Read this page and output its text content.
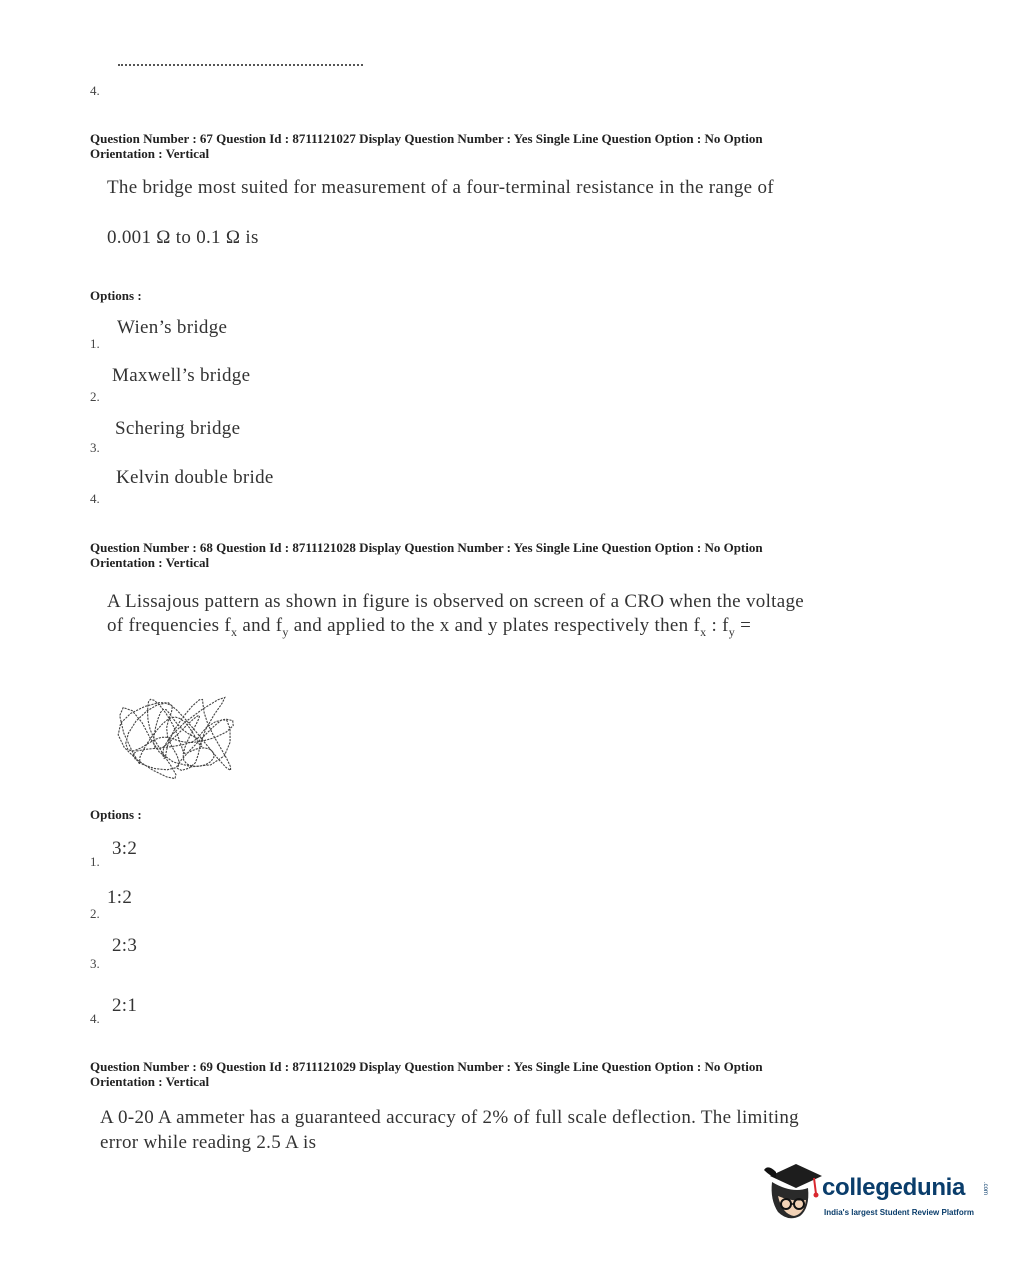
4.
Question Number : 67 Question Id : 8711121027 Display Question Number : Yes Single Line Question Option : No Option
Orientation : Vertical
The bridge most suited for measurement of a four-terminal resistance in the range of
0.001 Ω to 0.1 Ω is
Options :
Wien’s bridge
1.
Maxwell’s bridge
2.
Schering bridge
3.
Kelvin double bride
4.
Question Number : 68 Question Id : 8711121028 Display Question Number : Yes Single Line Question Option : No Option
Orientation : Vertical
A Lissajous pattern as shown in figure is observed on screen of a CRO when the voltage
of frequencies $f_x$ and $f_y$ and applied to the x and y plates respectively then $f_x$ : $f_y$ =
Options :
3:2
1.
1:2
2.
2:3
3.
2:1
4.
Question Number : 69 Question Id : 8711121029 Display Question Number : Yes Single Line Question Option : No Option
Orientation : Vertical
A 0-20 A ammeter has a guaranteed accuracy of 2% of full scale deflection. The limiting
error while reading 2.5 A is
collegedunia	.com
India's largest Student Review Platform
